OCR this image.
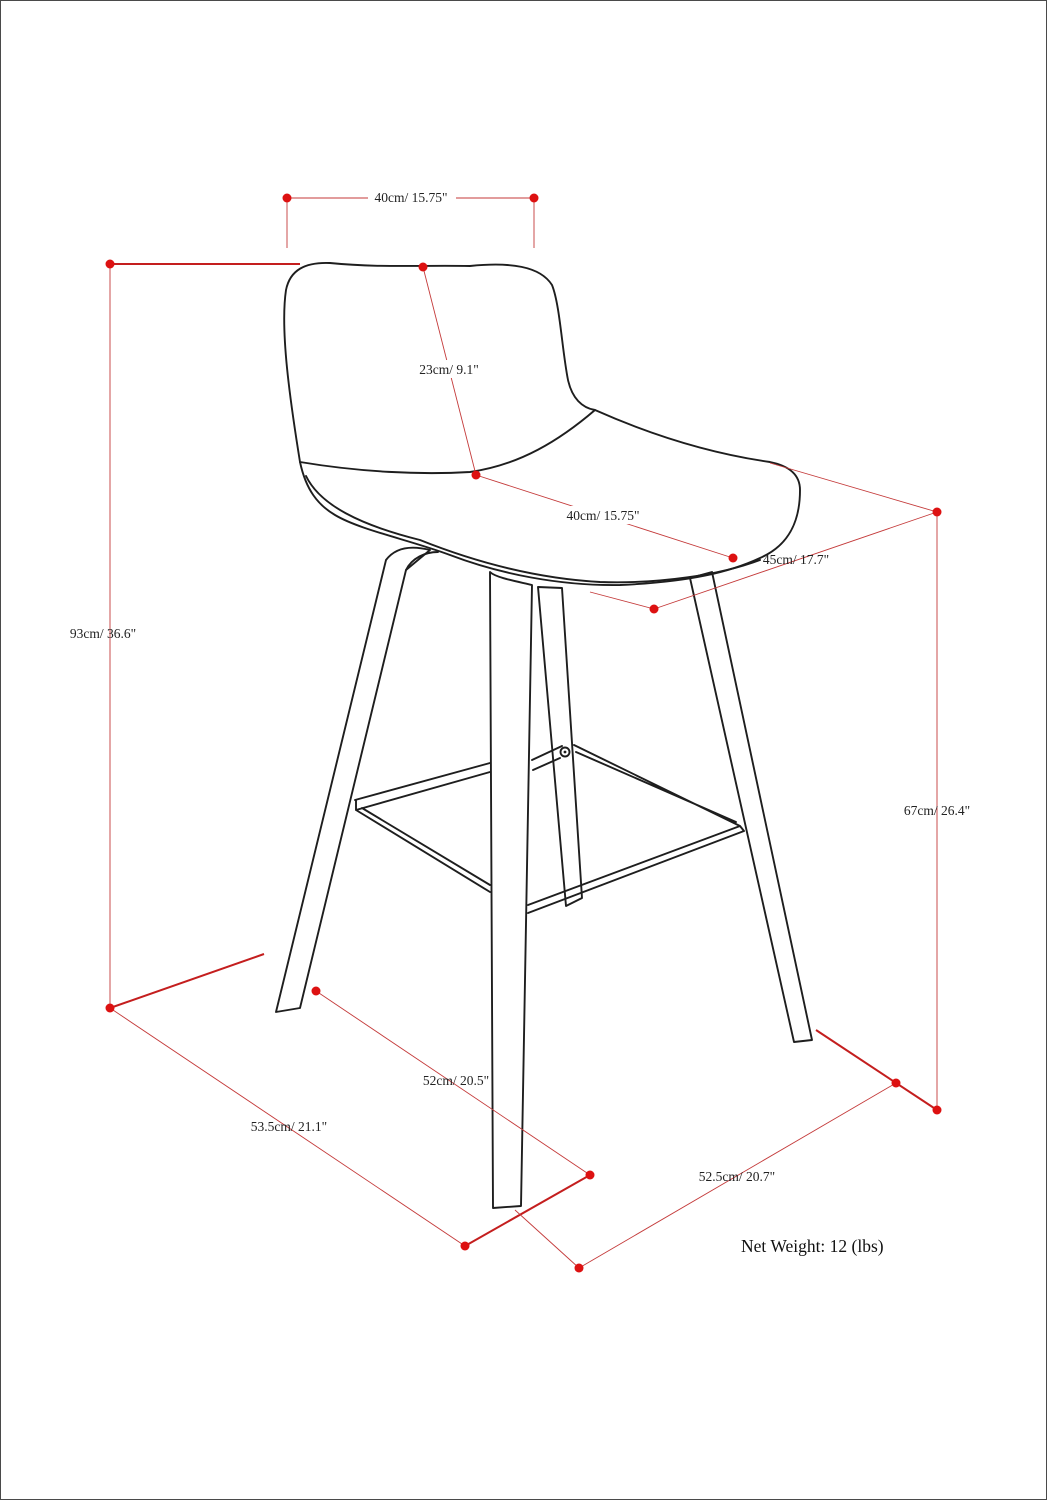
40cm/ 15.75"
23cm/ 9.1"
40cm/ 15.75"
45cm/ 17.7"
93cm/ 36.6"
67cm/ 26.4"
52cm/ 20.5"
53.5cm/ 21.1"
52.5cm/ 20.7"
Net Weight: 12 (lbs)
